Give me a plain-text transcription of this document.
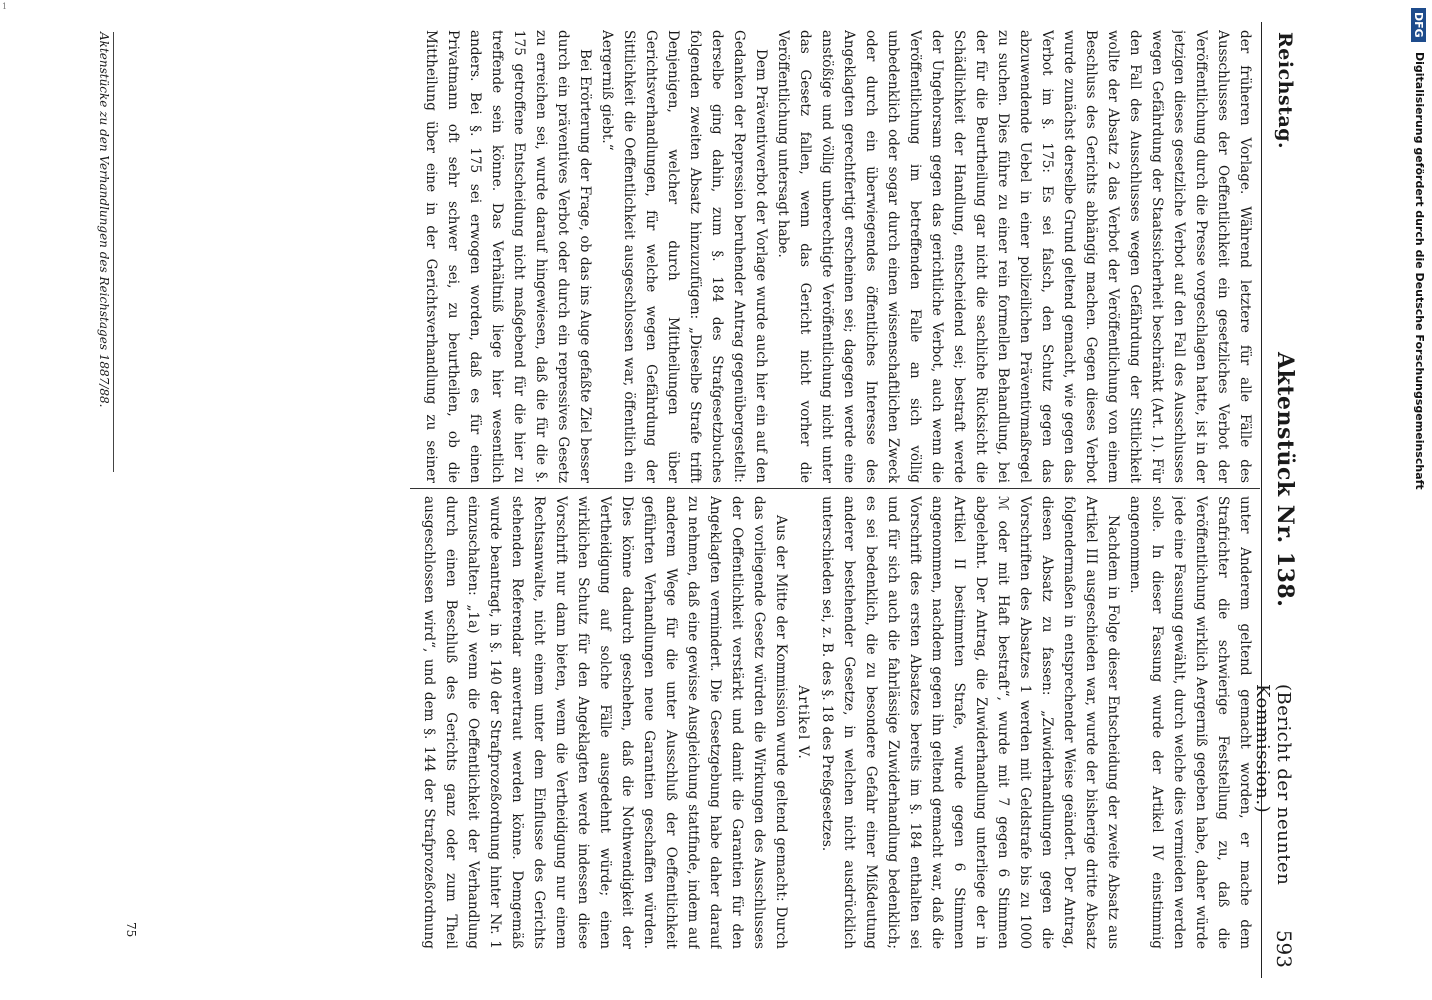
1
Reichstag.
Aktenstück Nr. 138.
(Bericht der neunten Kommission.)
593

der früheren Vorlage. Während letztere für alle Fälle des Ausschlusses der Oeffentlichkeit ein gesetzliches Verbot der Veröffentlichung durch die Presse vorgeschlagen hatte, ist in der jetzigen dieses gesetzliche Verbot auf den Fall des Ausschlusses wegen Gefährdung der Staatssicherheit beschränkt (Art. 1). Für den Fall des Ausschlusses wegen Gefährdung der Sittlichkeit wollte der Absatz 2 das Verbot der Veröffentlichung von einem Beschluss des Gerichts abhängig machen. Gegen dieses Verbot wurde zunächst derselbe Grund geltend gemacht, wie gegen das Verbot im §. 175: Es sei falsch, den Schutz gegen das abzuwendende Uebel in einer polizeilichen Präventivmaßregel zu suchen. Dies führe zu einer rein formellen Behandlung, bei der für die Beurtheilung gar nicht die sachliche Rücksicht die Schädlichkeit der Handlung, entscheidend sei; bestraft werde der Ungehorsam gegen das gerichtliche Verbot, auch wenn die Veröffentlichung im betreffenden Falle an sich völlig unbedenklich oder sogar durch einen wissenschaftlichen Zweck oder durch ein überwiegendes öffentliches Interesse des Angeklagten gerechtfertigt erscheinen sei; dagegen werde eine anstößige und völlig unberechtigte Veröffentlichung nicht unter das Gesetz fallen, wenn das Gericht nicht vorher die Veröffentlichung untersagt habe.

Dem Präventivverbot der Vorlage wurde auch hier ein auf den Gedanken der Repression beruhender Antrag gegenübergestellt: derselbe ging dahin, zum §. 184 des Strafgesetzbuches folgenden zweiten Absatz hinzuzufügen: „Dieselbe Strafe trifft Denjenigen, welcher durch Mittheilungen über Gerichtsverhandlungen, für welche wegen Gefährdung der Sittlichkeit die Oeffentlichkeit ausgeschlossen war, öffentlich ein Aergerniß giebt.“

Bei Erörterung der Frage, ob das ins Auge gefaßte Ziel besser durch ein präventives Verbot oder durch ein repressives Gesetz zu erreichen sei, wurde darauf hingewiesen, daß die für die §. 175 getroffene Entscheidung nicht maßgebend für die hier zu treffende sein könne. Das Verhältniß liege hier wesentlich anders. Bei §. 175 sei erwogen worden, daß es für einen Privatmann oft sehr schwer sei, zu beurtheilen, ob die Mittheilung über eine in der Gerichtsverhandlung zu seiner

unter Anderem geltend gemacht worden, er mache dem Strafrichter die schwierige Feststellung zu, daß die Veröffentlichung wirklich Aergerniß gegeben habe, daher würde jede eine Fassung gewählt, durch welche dies vermieden werden solle. In dieser Fassung wurde der Artikel IV einstimmig angenommen.

Nachdem in Folge dieser Entscheidung der zweite Absatz aus Artikel III ausgeschieden war, wurde der bisherige dritte Absatz folgendermaßen in entsprechender Weise geändert. Der Antrag, diesen Absatz zu fassen: „Zuwiderhandlungen gegen die Vorschriften des Absatzes 1 werden mit Geldstrafe bis zu 1000 ℳ oder mit Haft bestraft“, wurde mit 7 gegen 6 Stimmen abgelehnt. Der Antrag, die Zuwiderhandlung unterliege der in Artikel II bestimmten Strafe, wurde gegen 6 Stimmen angenommen, nachdem gegen ihn geltend gemacht war, daß die Vorschrift des ersten Absatzes bereits im §. 184 enthalten sei und für sich auch die fahrlässige Zuwiderhandlung bedenklich; es sei bedenklich, die zu besondere Gefahr einer Mißdeutung anderer bestehender Gesetze, in welchen nicht ausdrücklich unterschieden sei, z. B. des §. 18 des Preßgesetzes.

Artikel V.

Aus der Mitte der Kommission wurde geltend gemacht: Durch das vorliegende Gesetz würden die Wirkungen des Ausschlusses der Oeffentlichkeit verstärkt und damit die Garantien für den Angeklagten vermindert. Die Gesetzgebung habe daher darauf zu nehmen, daß eine gewisse Ausgleichung stattfinde, indem auf anderem Wege für die unter Ausschluß der Oeffentlichkeit geführten Verhandlungen neue Garantien geschaffen würden. Dies könne dadurch geschehen, daß die Nothwendigkeit der Vertheidigung auf solche Fälle ausgedehnt würde; einen wirklichen Schutz für den Angeklagten werde indessen diese Vorschrift nur dann bieten, wenn die Vertheidigung nur einem Rechtsanwalte, nicht einem unter dem Einflusse des Gerichts stehenden Referendar anvertraut werden könne. Demgemäß wurde beantragt, in §. 140 der Strafprozeßordnung hinter Nr. 1 einzuschalten: „1a) wenn die Oeffentlichkeit der Verhandlung durch einen Beschluß des Gerichts ganz oder zum Theil ausgeschlossen wird“, und dem §. 144 der Strafprozeßordnung

75
Aktenstücke zu den Verhandlungen des Reichstages 1887/88.
DFG
Digitalisierung gefördert durch die Deutsche Forschungsgemeinschaft
